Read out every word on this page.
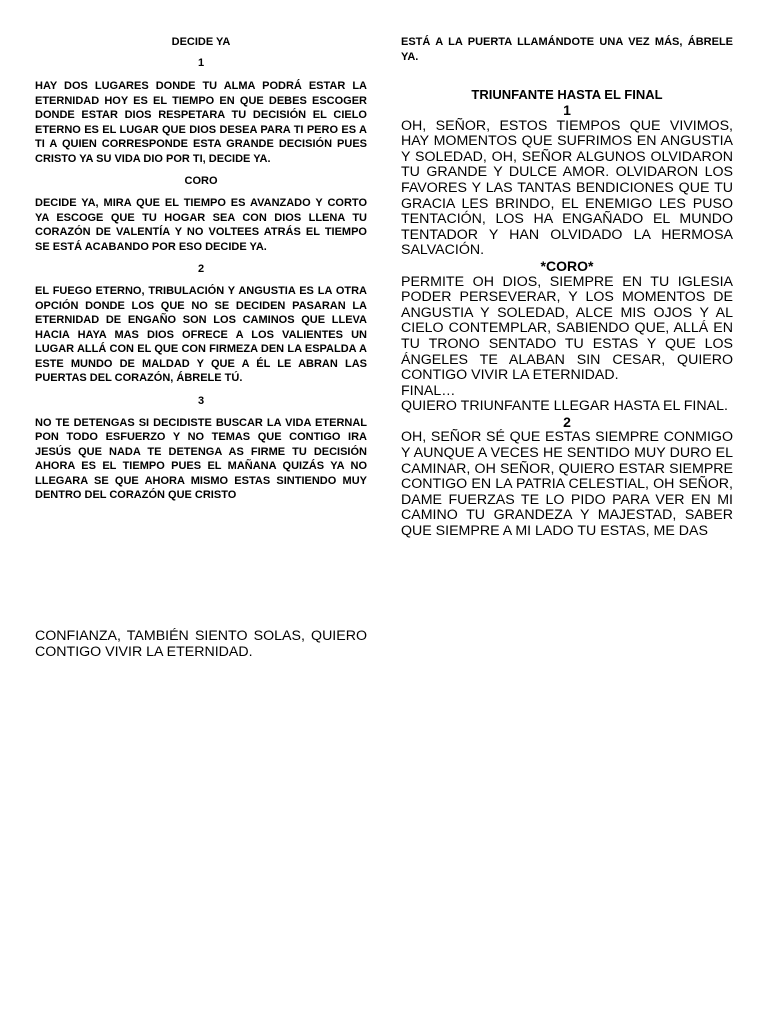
DECIDE YA

1

HAY DOS LUGARES DONDE TU ALMA PODRÁ ESTAR LA ETERNIDAD HOY ES EL TIEMPO EN QUE DEBES ESCOGER DONDE ESTAR DIOS RESPETARA TU DECISIÓN EL CIELO ETERNO ES EL LUGAR QUE DIOS DESEA PARA TI PERO ES A TI A QUIEN CORRESPONDE ESTA GRANDE DECISIÓN PUES CRISTO YA SU VIDA DIO POR TI, DECIDE YA.

CORO

DECIDE YA, MIRA QUE EL TIEMPO ES AVANZADO Y CORTO YA ESCOGE QUE TU HOGAR SEA CON DIOS LLENA TU CORAZÓN DE VALENTÍA Y NO VOLTEES ATRÁS EL TIEMPO SE ESTÁ ACABANDO POR ESO DECIDE YA.

2

EL FUEGO ETERNO, TRIBULACIÓN Y ANGUSTIA ES LA OTRA OPCIÓN DONDE LOS QUE NO SE DECIDEN PASARAN LA ETERNIDAD DE ENGAÑO SON LOS CAMINOS QUE LLEVA HACIA HAYA MAS DIOS OFRECE A LOS VALIENTES UN LUGAR ALLÁ CON EL QUE CON FIRMEZA DEN LA ESPALDA A ESTE MUNDO DE MALDAD Y QUE A ÉL LE ABRAN LAS PUERTAS DEL CORAZÓN, ÁBRELE TÚ.

3

NO TE DETENGAS SI DECIDISTE BUSCAR LA VIDA ETERNAL PON TODO ESFUERZO Y NO TEMAS QUE CONTIGO IRA JESÚS QUE NADA TE DETENGA AS FIRME TU DECISIÓN AHORA ES EL TIEMPO PUES EL MAÑANA QUIZÁS YA NO LLEGARA SE QUE AHORA MISMO ESTAS SINTIENDO MUY DENTRO DEL CORAZÓN QUE CRISTO

ESTÁ A LA PUERTA LLAMÁNDOTE UNA VEZ MÁS, ÁBRELE YA.

TRIUNFANTE HASTA EL FINAL

1

OH, SEÑOR, ESTOS TIEMPOS QUE VIVIMOS, HAY MOMENTOS QUE SUFRIMOS EN ANGUSTIA Y SOLEDAD, OH, SEÑOR ALGUNOS OLVIDARON TU GRANDE Y DULCE AMOR. OLVIDARON LOS FAVORES Y LAS TANTAS BENDICIONES QUE TU GRACIA LES BRINDO, EL ENEMIGO LES PUSO TENTACIÓN, LOS HA ENGAÑADO EL MUNDO TENTADOR Y HAN OLVIDADO LA HERMOSA SALVACIÓN.

*CORO*

PERMITE OH DIOS, SIEMPRE EN TU IGLESIA PODER PERSEVERAR, Y LOS MOMENTOS DE ANGUSTIA Y SOLEDAD, ALCE MIS OJOS Y AL CIELO CONTEMPLAR, SABIENDO QUE, ALLÁ EN TU TRONO SENTADO TU ESTAS Y QUE LOS ÁNGELES TE ALABAN SIN CESAR, QUIERO CONTIGO VIVIR LA ETERNIDAD.

FINAL…

QUIERO TRIUNFANTE LLEGAR HASTA EL FINAL.

2

OH, SEÑOR SÉ QUE ESTAS SIEMPRE CONMIGO Y AUNQUE A VECES HE SENTIDO MUY DURO EL CAMINAR, OH SEÑOR, QUIERO ESTAR SIEMPRE CONTIGO EN LA PATRIA CELESTIAL, OH SEÑOR, DAME FUERZAS TE LO PIDO PARA VER EN MI CAMINO TU GRANDEZA Y MAJESTAD, SABER QUE SIEMPRE A MI LADO TU ESTAS, ME DAS

CONFIANZA, TAMBIÉN SIENTO SOLAS, QUIERO CONTIGO VIVIR LA ETERNIDAD.
